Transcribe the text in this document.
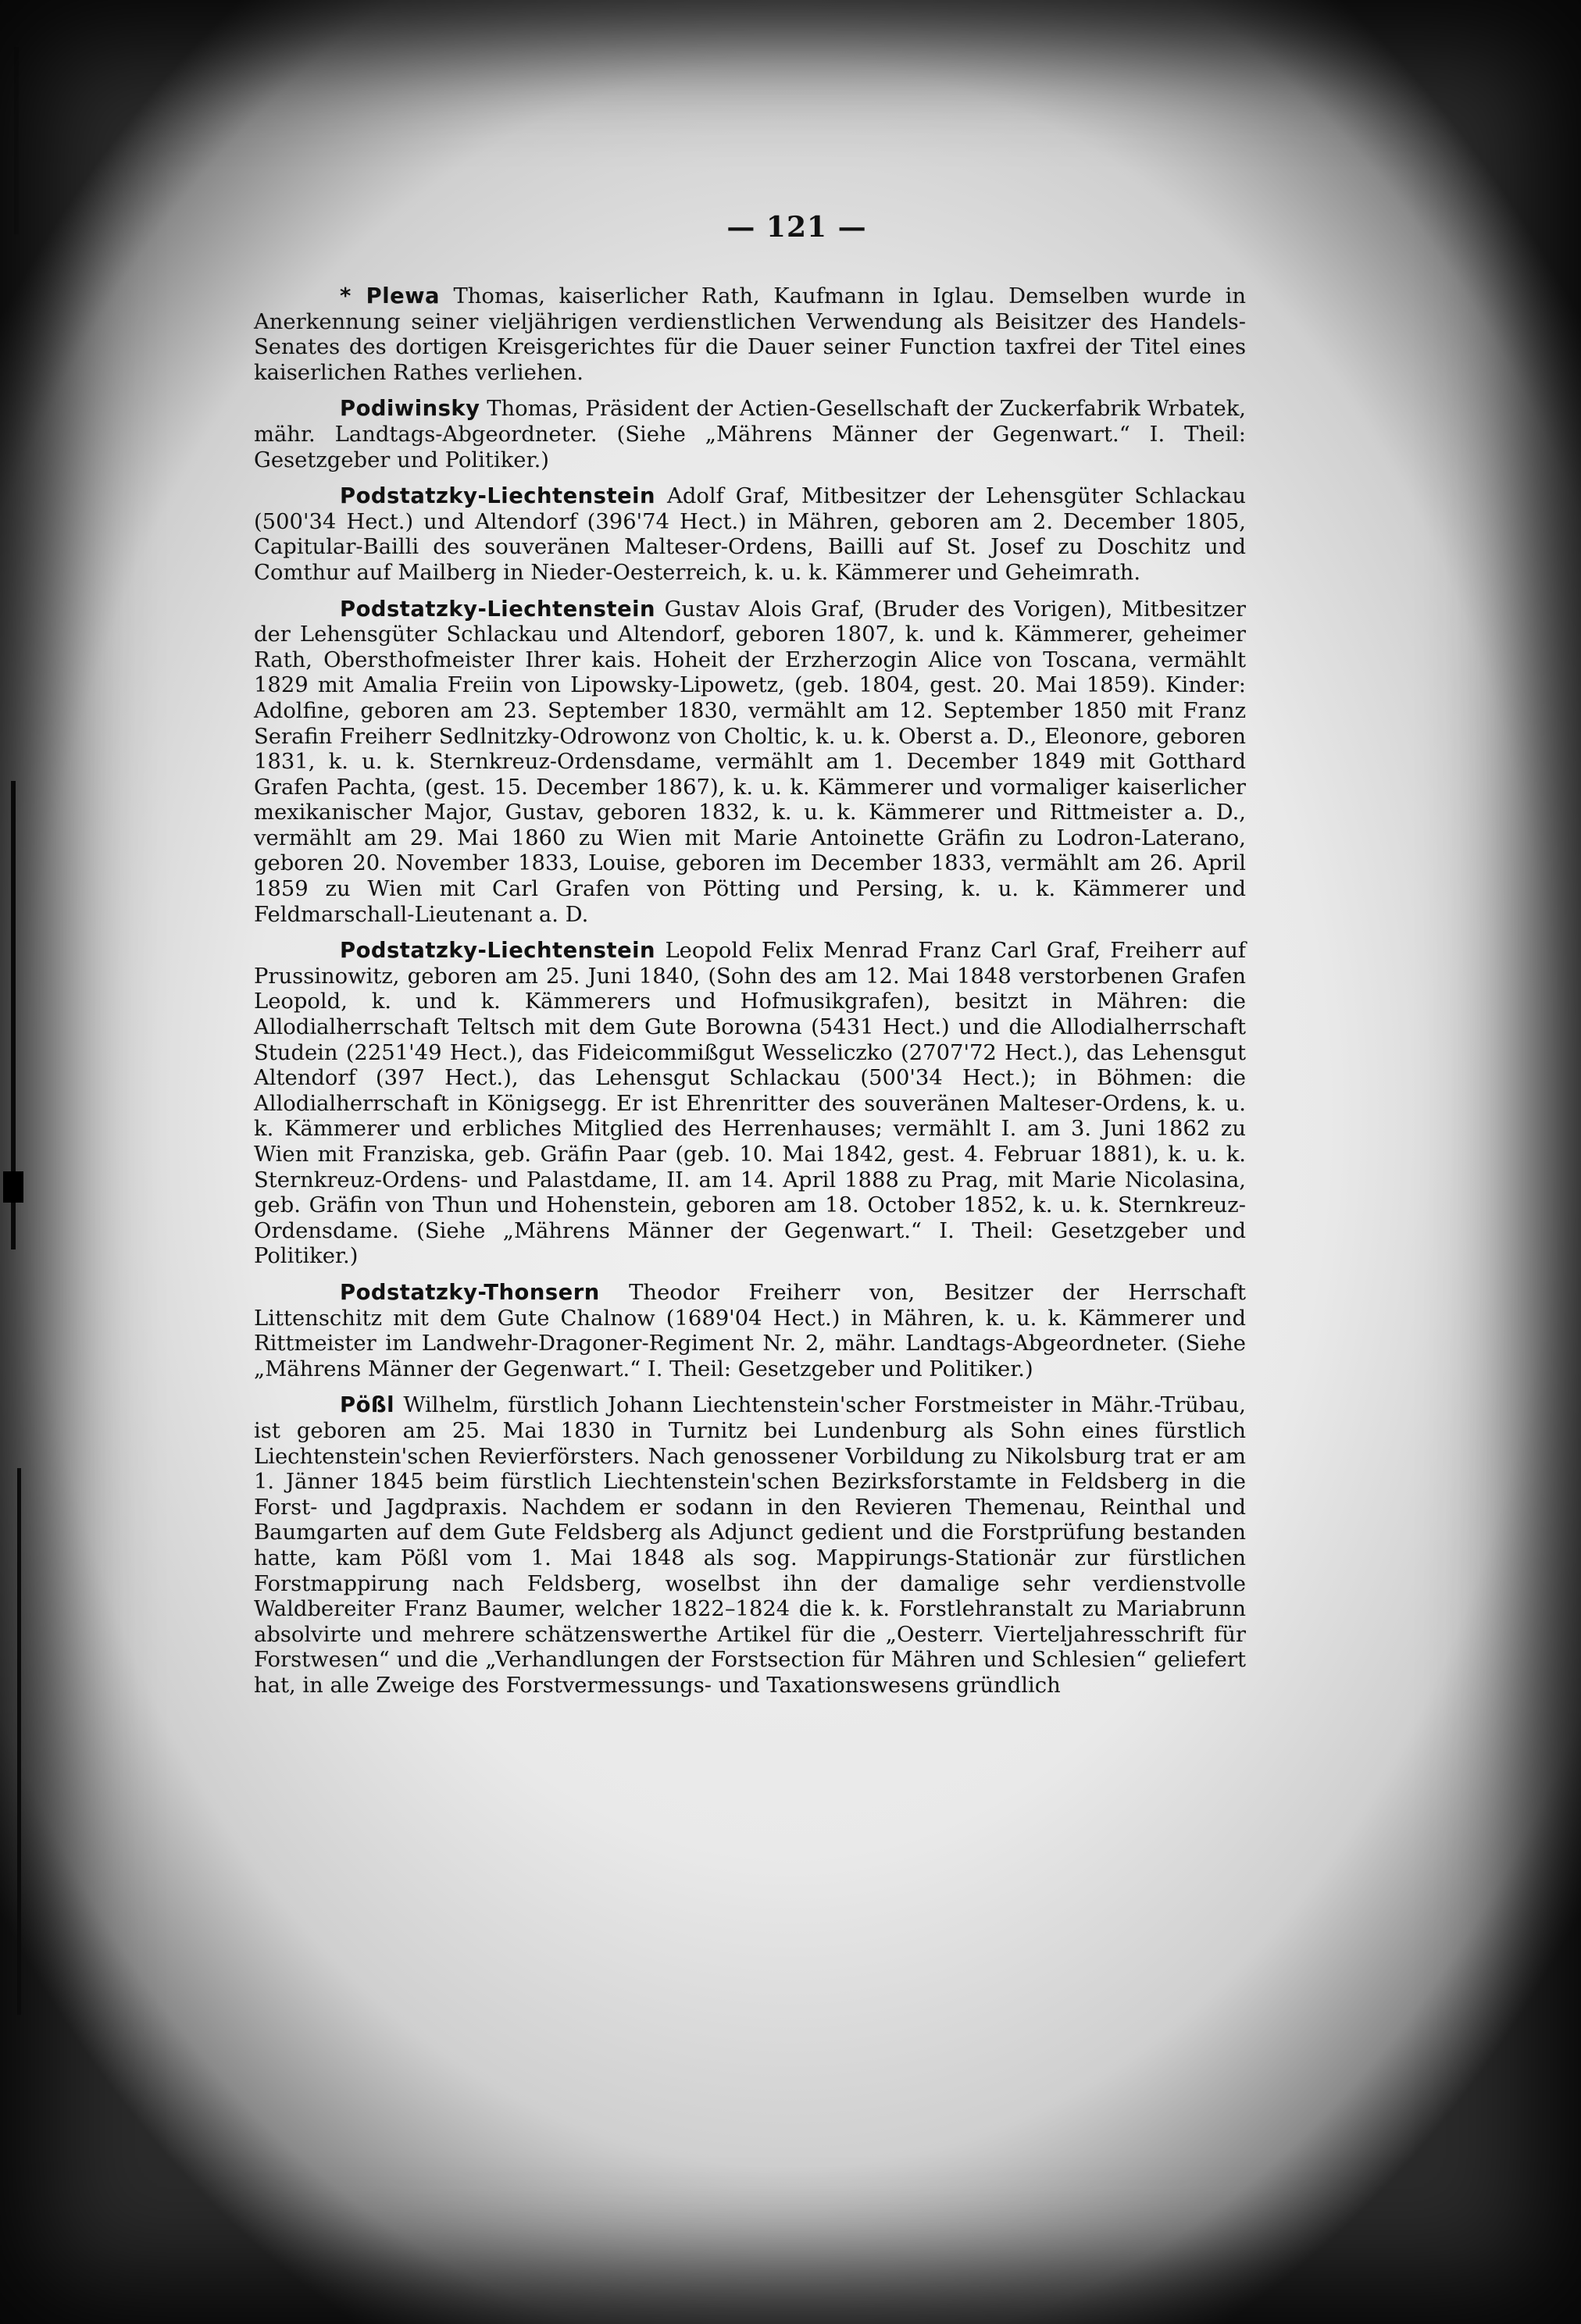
— 121 —

* Plewa Thomas, kaiserlicher Rath, Kaufmann in Iglau. Demselben wurde in Anerkennung seiner vieljährigen verdienstlichen Verwendung als Beisitzer des Handels-Senates des dortigen Kreisgerichtes für die Dauer seiner Function taxfrei der Titel eines kaiserlichen Rathes verliehen.

Podiwinsky Thomas, Präsident der Actien-Gesellschaft der Zuckerfabrik Wrbatek, mähr. Landtags-Abgeordneter. (Siehe „Mährens Männer der Gegenwart.“ I. Theil: Gesetzgeber und Politiker.)

Podstatzky-Liechtenstein Adolf Graf, Mitbesitzer der Lehensgüter Schlackau (500'34 Hect.) und Altendorf (396'74 Hect.) in Mähren, geboren am 2. December 1805, Capitular-Bailli des souveränen Malteser-Ordens, Bailli auf St. Josef zu Doschitz und Comthur auf Mailberg in Nieder-Oesterreich, k. u. k. Kämmerer und Geheimrath.

Podstatzky-Liechtenstein Gustav Alois Graf, (Bruder des Vorigen), Mitbesitzer der Lehensgüter Schlackau und Altendorf, geboren 1807, k. und k. Kämmerer, geheimer Rath, Obersthofmeister Ihrer kais. Hoheit der Erzherzogin Alice von Toscana, vermählt 1829 mit Amalia Freiin von Lipowsky-Lipowetz, (geb. 1804, gest. 20. Mai 1859). Kinder: Adolfine, geboren am 23. September 1830, vermählt am 12. September 1850 mit Franz Serafin Freiherr Sedlnitzky-Odrowonz von Choltic, k. u. k. Oberst a. D., Eleonore, geboren 1831, k. u. k. Sternkreuz-Ordensdame, vermählt am 1. December 1849 mit Gotthard Grafen Pachta, (gest. 15. December 1867), k. u. k. Kämmerer und vormaliger kaiserlicher mexikanischer Major, Gustav, geboren 1832, k. u. k. Kämmerer und Rittmeister a. D., vermählt am 29. Mai 1860 zu Wien mit Marie Antoinette Gräfin zu Lodron-Laterano, geboren 20. November 1833, Louise, geboren im December 1833, vermählt am 26. April 1859 zu Wien mit Carl Grafen von Pötting und Persing, k. u. k. Kämmerer und Feldmarschall-Lieutenant a. D.

Podstatzky-Liechtenstein Leopold Felix Menrad Franz Carl Graf, Freiherr auf Prussinowitz, geboren am 25. Juni 1840, (Sohn des am 12. Mai 1848 verstorbenen Grafen Leopold, k. und k. Kämmerers und Hofmusikgrafen), besitzt in Mähren: die Allodialherrschaft Teltsch mit dem Gute Borowna (5431 Hect.) und die Allodialherrschaft Studein (2251'49 Hect.), das Fideicommißgut Wesseliczko (2707'72 Hect.), das Lehensgut Altendorf (397 Hect.), das Lehensgut Schlackau (500'34 Hect.); in Böhmen: die Allodialherrschaft in Königsegg. Er ist Ehrenritter des souveränen Malteser-Ordens, k. u. k. Kämmerer und erbliches Mitglied des Herrenhauses; vermählt I. am 3. Juni 1862 zu Wien mit Franziska, geb. Gräfin Paar (geb. 10. Mai 1842, gest. 4. Februar 1881), k. u. k. Sternkreuz-Ordens- und Palastdame, II. am 14. April 1888 zu Prag, mit Marie Nicolasina, geb. Gräfin von Thun und Hohenstein, geboren am 18. October 1852, k. u. k. Sternkreuz-Ordensdame. (Siehe „Mährens Männer der Gegenwart.“ I. Theil: Gesetzgeber und Politiker.)

Podstatzky-Thonsern Theodor Freiherr von, Besitzer der Herrschaft Littenschitz mit dem Gute Chalnow (1689'04 Hect.) in Mähren, k. u. k. Kämmerer und Rittmeister im Landwehr-Dragoner-Regiment Nr. 2, mähr. Landtags-Abgeordneter. (Siehe „Mährens Männer der Gegenwart.“ I. Theil: Gesetzgeber und Politiker.)

Pößl Wilhelm, fürstlich Johann Liechtenstein'scher Forstmeister in Mähr.-Trübau, ist geboren am 25. Mai 1830 in Turnitz bei Lundenburg als Sohn eines fürstlich Liechtenstein'schen Revierförsters. Nach genossener Vorbildung zu Nikolsburg trat er am 1. Jänner 1845 beim fürstlich Liechtenstein'schen Bezirksforstamte in Feldsberg in die Forst- und Jagdpraxis. Nachdem er sodann in den Revieren Themenau, Reinthal und Baumgarten auf dem Gute Feldsberg als Adjunct gedient und die Forstprüfung bestanden hatte, kam Pößl vom 1. Mai 1848 als sog. Mappirungs-Stationär zur fürstlichen Forstmappirung nach Feldsberg, woselbst ihn der damalige sehr verdienstvolle Waldbereiter Franz Baumer, welcher 1822–1824 die k. k. Forstlehranstalt zu Mariabrunn absolvirte und mehrere schätzenswerthe Artikel für die „Oesterr. Vierteljahresschrift für Forstwesen“ und die „Verhandlungen der Forstsection für Mähren und Schlesien“ geliefert hat, in alle Zweige des Forstvermessungs- und Taxationswesens gründlich
